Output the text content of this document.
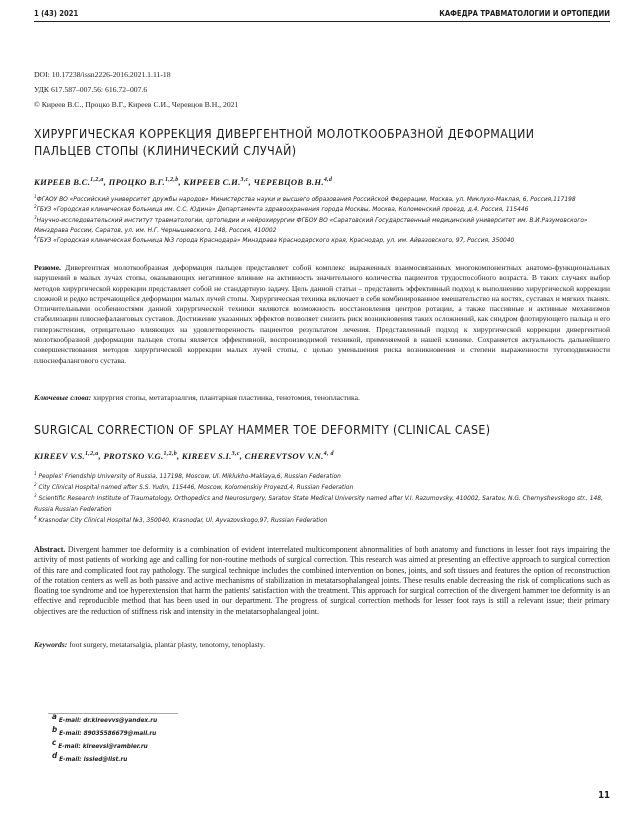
1 (43) 2021	КАФЕДРА ТРАВМАТОЛОГИИ И ОРТОПЕДИИ
DOI: 10.17238/issn2226-2016.2021.1.11-18
УДК 617.587–007.56: 616.72–007.6
© Киреев В.С., Процко В.Г., Киреев С.И., Черевцов В.Н., 2021
ХИРУРГИЧЕСКАЯ КОРРЕКЦИЯ ДИВЕРГЕНТНОЙ МОЛОТКООБРАЗНОЙ ДЕФОРМАЦИИ
ПАЛЬЦЕВ СТОПЫ (КЛИНИЧЕСКИЙ СЛУЧАЙ)
КИРЕЕВ В.С.$^{1,2,a}$, ПРОЦКО В.Г.$^{1,2,b}$, КИРЕЕВ С.И.$^{3,c}$, ЧЕРЕВЦОВ В.Н.$^{4,d}$
$^1$ФГАОУ ВО «Российский университет дружбы народов» Министерства науки и высшего образования Российской Федерации, Москва, ул. Миклухо-Маклая, 6, Россия,117198
$^2$ГБУЗ «Городская клиническая больница им. С.С. Юдина» Департамента здравоохранения города Москвы, Москва, Коломенский проезд, д.4, Россия, 115446
$^3$Научно-исследовательский институт травматологии, ортопедии и нейрохирургии ФГБОУ ВО «Саратовский Государственный медицинский университет им. В.И.Разумовского» Минздрава России, Саратов, ул. им. Н.Г. Чернышевского, 148, Россия, 410002
$^4$ГБУЗ «Городская клиническая больница №3 города Краснодара» Минздрава Краснодарского края, Краснодар, ул. им. Айвазовского, 97, Россия, 350040
Резюме. Дивергентная молоткообразная деформация пальцев представляет собой комплекс выраженных взаимосвязанных многокомпонентных анатомо-функциональных нарушений в малых лучах стопы, оказывающих негативное влияние на активность значительного количества пациентов трудоспособного возраста. В таких случаях выбор методов хирургической коррекции представляет собой не стандартную задачу. Цель данной статьи – представить эффективный подход к выполнению хирургической коррекции сложной и редко встречающейся деформации малых лучей стопы. Хирургическая техника включает в себя комбинированное вмешательство на костях, суставах и мягких тканях. Отличительными особенностями данной хирургической техники являются возможность восстановления центров ротации, а также пассивные и активные механизмов стабилизации плюснефаланговых суставов. Достижение указанных эффектов позволяет снизить риск возникновения таких осложнений, как синдром флотирующего пальца и его гиперэкстензия, отрицательно влияющих на удовлетворенность пациентов результатом лечения. Представленный подход к хирургической коррекции дивергентной молоткообразной деформации пальцев стопы является эффективной, воспроизводимой техникой, применяемой в нашей клинике. Сохраняется актуальность дальнейшего совершенствования методов хирургической коррекции малых лучей стопы, с целью уменьшения риска возникновения и степени выраженности тугоподвижности плюснефалангового сустава.
Ключевые слова: хирургия стопы, метатарзалгия, плантарная пластинка, тенотомия, тенопластика.
SURGICAL CORRECTION OF SPLAY HAMMER TOE DEFORMITY (CLINICAL CASE)
KIREEV V.S.$^{1,2,a}$, PROTSKO V.G.$^{1,2,b}$, KIREEV S.I.$^{3,c}$, CHEREVTSOV V.N.$^{4, d}$
$^1$ Peoples' Friendship University of Russia, 117198, Moscow, Ul. Miklukho-Maklaya,6, Russian Federation
$^2$ City Clinical Hospital named after S.S. Yudin, 115446, Moscow, Kolomenskiy Proyezd,4, Russian Federation
$^3$ Scientific Research Institute of Traumatology, Orthopedics and Neurosurgery, Saratov State Medical University named after V.I. Razumovsky, 410002, Saratov, N.G. Chernyshevskogo str., 148, Russia Russian Federation
$^4$ Krasnodar City Clinical Hospital №3, 350040, Krasnodar, Ul. Ayvazovskogo,97, Russian Federation
Abstract. Divergent hammer toe deformity is a combination of evident interrelated multicomponent abnormalities of both anatomy and functions in lesser foot rays impairing the activity of most patients of working age and calling for non-routine methods of surgical correction. This research was aimed at presenting an effective approach to surgical correction of this rare and complicated foot ray pathology. The surgical technique includes the combined intervention on bones, joints, and soft tissues and features the option of reconstruction of the rotation centers as well as both passive and active mechanisms of stabilization in metatarsophalangeal joints. These results enable decreasing the risk of complications such as floating toe syndrome and toe hyperextension that harm the patients' satisfaction with the treatment. This approach for surgical correction of the divergent hammer toe deformity is an effective and reproducible method that has been used in our department. The progress of surgical correction methods for lesser foot rays is still a relevant issue; their primary objectives are the reduction of stiffness risk and intensity in the metatarsophalangeal joint.
Keywords: foot surgery, metatarsalgia, plantar plasty, tenotomy, tenoplasty.
$^a$ E-mail: dr.kireevvs@yandex.ru
$^b$ E-mail: 89035586679@mail.ru
$^c$ E-mail: kireevsi@rambler.ru
$^d$ E-mail: issled@list.ru
11
